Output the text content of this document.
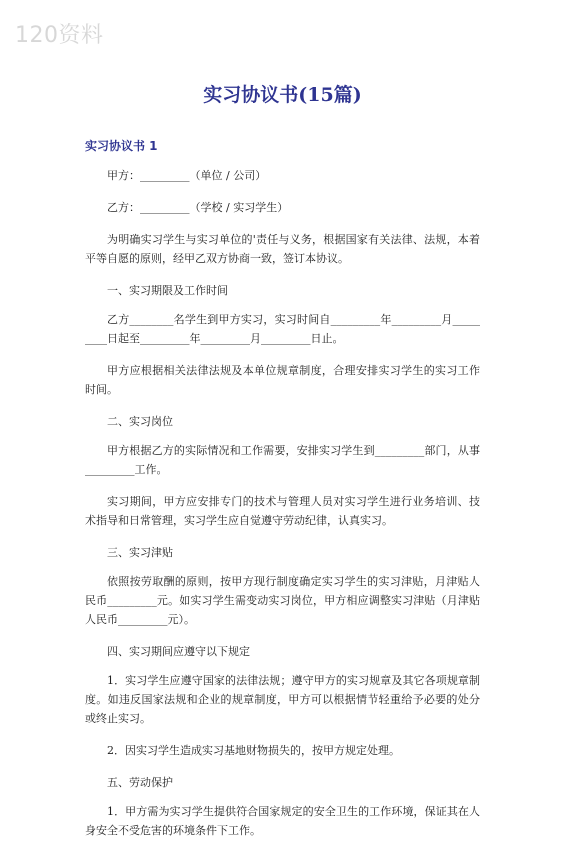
120资料
实习协议书(15篇)
实习协议书 1

甲方：_________（单位 / 公司）

乙方：_________（学校 / 实习学生）

为明确实习学生与实习单位的'责任与义务，根据国家有关法律、法规，本着平等自愿的原则，经甲乙双方协商一致，签订本协议。

一、实习期限及工作时间

乙方________名学生到甲方实习，实习时间自_________年_________月_________日起至_________年_________月_________日止。

甲方应根据相关法律法规及本单位规章制度，合理安排实习学生的实习工作时间。

二、实习岗位

甲方根据乙方的实际情况和工作需要，安排实习学生到_________部门，从事_________工作。

实习期间，甲方应安排专门的技术与管理人员对实习学生进行业务培训、技术指导和日常管理，实习学生应自觉遵守劳动纪律，认真实习。

三、实习津贴

依照按劳取酬的原则，按甲方现行制度确定实习学生的实习津贴，月津贴人民币_________元。如实习学生需变动实习岗位，甲方相应调整实习津贴（月津贴人民币_________元）。

四、实习期间应遵守以下规定

1．实习学生应遵守国家的法律法规；遵守甲方的实习规章及其它各项规章制度。如违反国家法规和企业的规章制度，甲方可以根据情节轻重给予必要的处分或终止实习。

2．因实习学生造成实习基地财物损失的，按甲方规定处理。

五、劳动保护

1．甲方需为实习学生提供符合国家规定的安全卫生的工作环境，保证其在人身安全不受危害的环境条件下工作。
